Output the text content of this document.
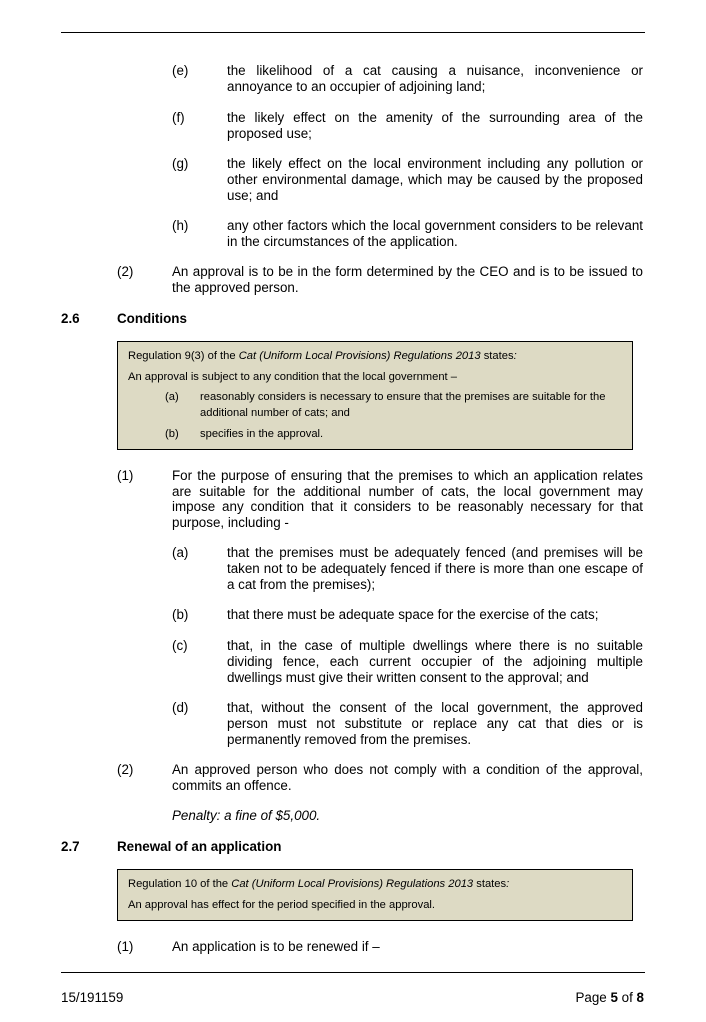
(e)	the likelihood of a cat causing a nuisance, inconvenience or
annoyance to an occupier of adjoining land;
(f)	the likely effect on the amenity of the surrounding area of the
proposed use;
(g)	the likely effect on the local environment including any pollution or
other environmental damage, which may be caused by the proposed
use; and
(h)	any other factors which the local government considers to be relevant
in the circumstances of the application.
(2)	An approval is to be in the form determined by the CEO and is to be issued to
the approved person.
2.6	Conditions
Regulation 9(3) of the Cat (Uniform Local Provisions) Regulations 2013 states:
An approval is subject to any condition that the local government –
(a) reasonably considers is necessary to ensure that the premises are suitable for the
additional number of cats; and
(b) specifies in the approval.
(1)	For the purpose of ensuring that the premises to which an application relates
are suitable for the additional number of cats, the local government may
impose any condition that it considers to be reasonably necessary for that
purpose, including -
(a)	that the premises must be adequately fenced (and premises will be
taken not to be adequately fenced if there is more than one escape of
a cat from the premises);
(b)	that there must be adequate space for the exercise of the cats;
(c)	that, in the case of multiple dwellings where there is no suitable
dividing fence, each current occupier of the adjoining multiple
dwellings must give their written consent to the approval; and
(d)	that, without the consent of the local government, the approved
person must not substitute or replace any cat that dies or is
permanently removed from the premises.
(2)	An approved person who does not comply with a condition of the approval,
commits an offence.
Penalty: a fine of $5,000.
2.7	Renewal of an application
Regulation 10 of the Cat (Uniform Local Provisions) Regulations 2013 states:
An approval has effect for the period specified in the approval.
(1)	An application is to be renewed if –
15/191159	Page 5 of 8
